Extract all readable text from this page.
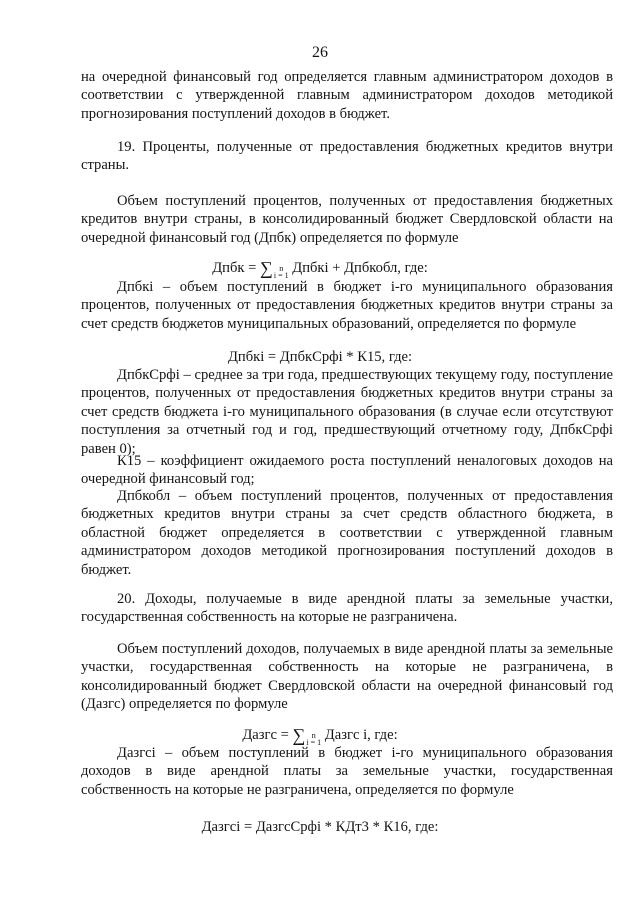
26

на очередной финансовый год определяется главным администратором доходов в соответствии с утвержденной главным администратором доходов методикой прогнозирования поступлений доходов в бюджет.

19. Проценты, полученные от предоставления бюджетных кредитов внутри страны.

Объем поступлений процентов, полученных от предоставления бюджетных кредитов внутри страны, в консолидированный бюджет Свердловской области на очередной финансовый год (Дпбк) определяется по формуле

Дпбк = ∑ n
i = 1 Дпбкi + Дпбкобл, где:

Дпбкi – объем поступлений в бюджет i-го муниципального образования процентов, полученных от предоставления бюджетных кредитов внутри страны за счет средств бюджетов муниципальных образований, определяется по формуле

Дпбкi = ДпбкСрфi * К15, где:

ДпбкСрфi – среднее за три года, предшествующих текущему году, поступление процентов, полученных от предоставления бюджетных кредитов внутри страны за счет средств бюджета i-го муниципального образования (в случае если отсутствуют поступления за отчетный год и год, предшествующий отчетному году, ДпбкСрфi равен 0);

К15 – коэффициент ожидаемого роста поступлений неналоговых доходов на очередной финансовый год;

Дпбкобл – объем поступлений процентов, полученных от предоставления бюджетных кредитов внутри страны за счет средств областного бюджета, в областной бюджет определяется в соответствии с утвержденной главным администратором доходов методикой прогнозирования поступлений доходов в бюджет.

20. Доходы, получаемые в виде арендной платы за земельные участки, государственная собственность на которые не разграничена.

Объем поступлений доходов, получаемых в виде арендной платы за земельные участки, государственная собственность на которые не разграничена, в консолидированный бюджет Свердловской области на очередной финансовый год (Дазгс) определяется по формуле

Дазгс = ∑ n
i = 1 Дазгс i, где:

Дазгсi – объем поступлений в бюджет i-го муниципального образования доходов в виде арендной платы за земельные участки, государственная собственность на которые не разграничена, определяется по формуле

Дазгсi = ДазгсСрфi * КДт3 * К16, где:
